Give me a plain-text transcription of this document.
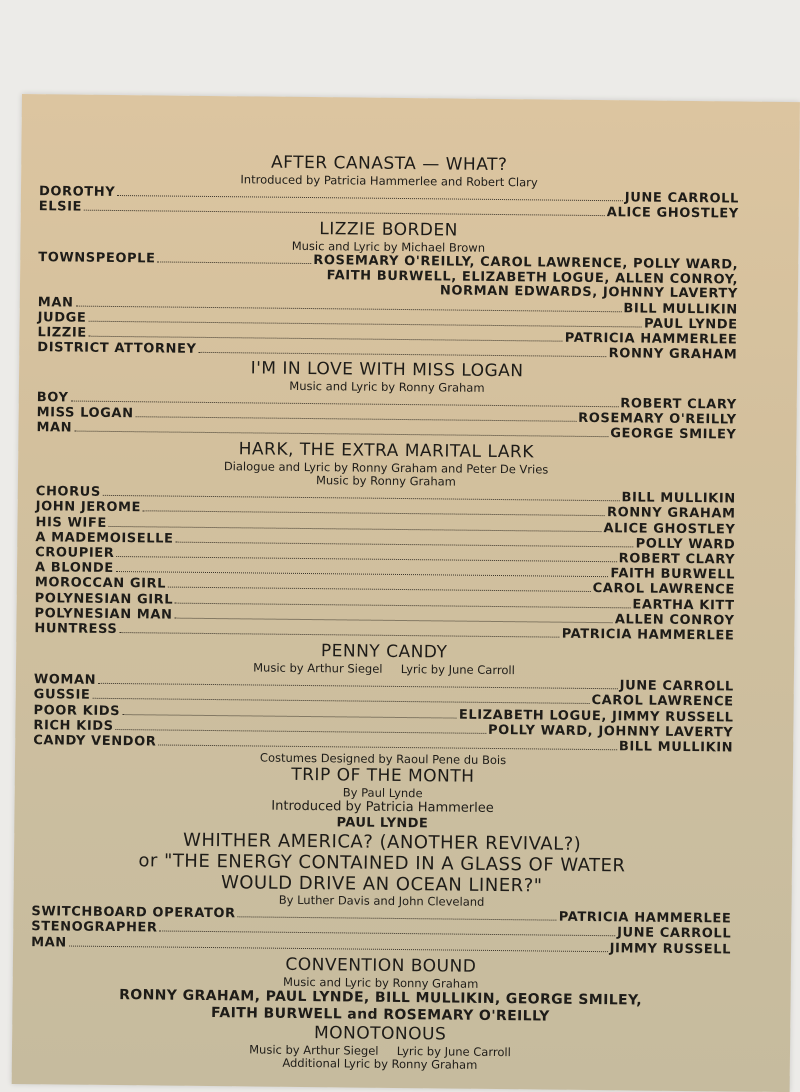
AFTER CANASTA — WHAT?
Introduced by Patricia Hammerlee and Robert Clary
DOROTHY	JUNE CARROLL
ELSIE	ALICE GHOSTLEY
LIZZIE BORDEN
Music and Lyric by Michael Brown
TOWNSPEOPLE	ROSEMARY O'REILLY, CAROL LAWRENCE, POLLY WARD,
FAITH BURWELL, ELIZABETH LOGUE, ALLEN CONROY,
NORMAN EDWARDS, JOHNNY LAVERTY
MAN	BILL MULLIKIN
JUDGE	PAUL LYNDE
LIZZIE	PATRICIA HAMMERLEE
DISTRICT ATTORNEY	RONNY GRAHAM
I'M IN LOVE WITH MISS LOGAN
Music and Lyric by Ronny Graham
BOY	ROBERT CLARY
MISS LOGAN	ROSEMARY O'REILLY
MAN	GEORGE SMILEY
HARK, THE EXTRA MARITAL LARK
Dialogue and Lyric by Ronny Graham and Peter De Vries
Music by Ronny Graham
CHORUS	BILL MULLIKIN
JOHN JEROME	RONNY GRAHAM
HIS WIFE	ALICE GHOSTLEY
A MADEMOISELLE	POLLY WARD
CROUPIER	ROBERT CLARY
A BLONDE	FAITH BURWELL
MOROCCAN GIRL	CAROL LAWRENCE
POLYNESIAN GIRL	EARTHA KITT
POLYNESIAN MAN	ALLEN CONROY
HUNTRESS	PATRICIA HAMMERLEE
PENNY CANDY
Music by Arthur Siegel     Lyric by June Carroll
WOMAN	JUNE CARROLL
GUSSIE	CAROL LAWRENCE
POOR KIDS	ELIZABETH LOGUE, JIMMY RUSSELL
RICH KIDS	POLLY WARD, JOHNNY LAVERTY
CANDY VENDOR	BILL MULLIKIN
Costumes Designed by Raoul Pene du Bois
TRIP OF THE MONTH
By Paul Lynde
Introduced by Patricia Hammerlee
PAUL LYNDE
WHITHER AMERICA? (ANOTHER REVIVAL?)
or "THE ENERGY CONTAINED IN A GLASS OF WATER
WOULD DRIVE AN OCEAN LINER?"
By Luther Davis and John Cleveland
SWITCHBOARD OPERATOR	PATRICIA HAMMERLEE
STENOGRAPHER	JUNE CARROLL
MAN	JIMMY RUSSELL
CONVENTION BOUND
Music and Lyric by Ronny Graham
RONNY GRAHAM, PAUL LYNDE, BILL MULLIKIN, GEORGE SMILEY,
FAITH BURWELL and ROSEMARY O'REILLY
MONOTONOUS
Music by Arthur Siegel     Lyric by June Carroll
Additional Lyric by Ronny Graham
